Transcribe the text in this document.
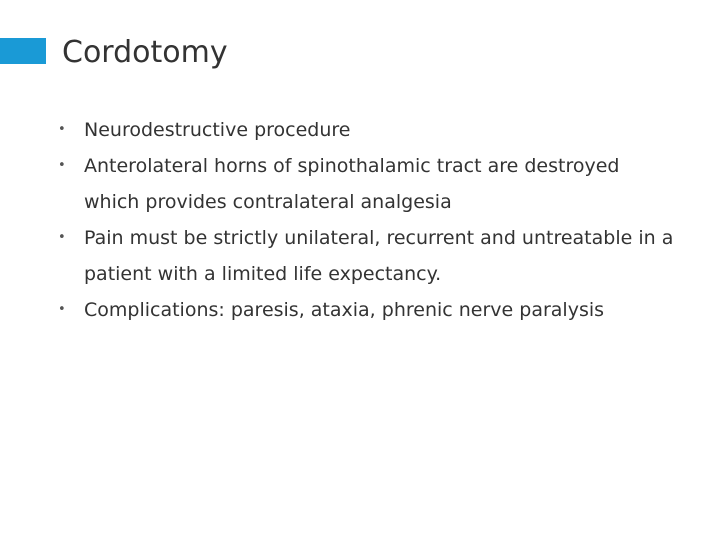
Cordotomy
• Neurodestructive procedure
• Anterolateral horns of spinothalamic tract are destroyed which provides contralateral analgesia
• Pain must be strictly unilateral, recurrent and untreatable in a patient with a limited life expectancy.
• Complications: paresis, ataxia, phrenic nerve paralysis
